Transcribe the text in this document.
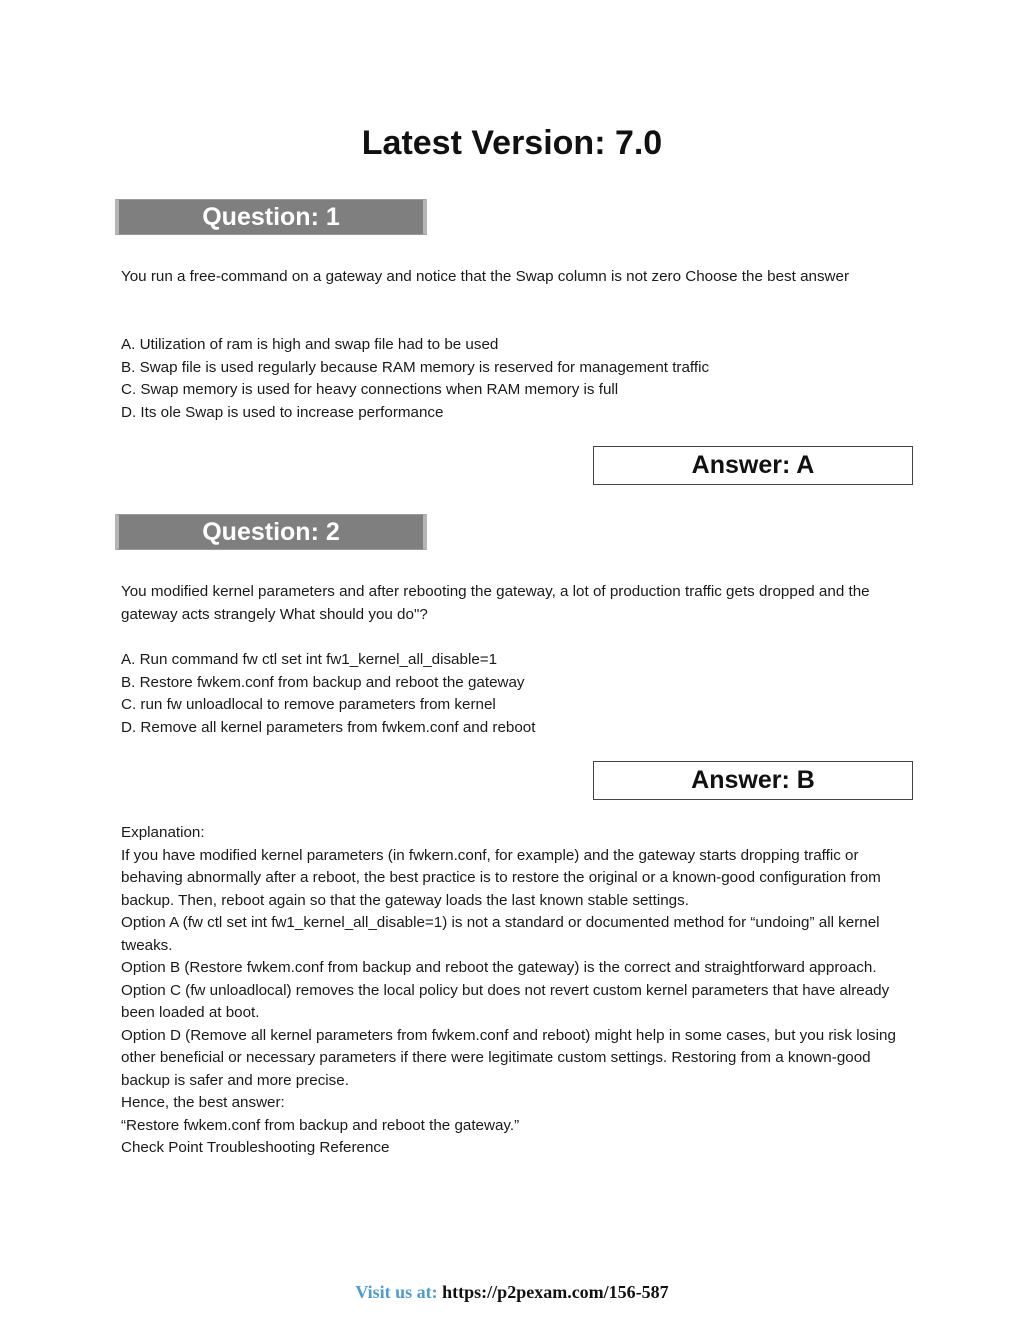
Latest Version: 7.0
Question: 1

You run a free-command on a gateway and notice that the Swap column is not zero Choose the best answer

A. Utilization of ram is high and swap file had to be used
B. Swap file is used regularly because RAM memory is reserved for management traffic
C. Swap memory is used for heavy connections when RAM memory is full
D. Its ole Swap is used to increase performance
Answer: A
Question: 2

You modified kernel parameters and after rebooting the gateway, a lot of production traffic gets dropped and the gateway acts strangely What should you do"?

A. Run command fw ctl set int fw1_kernel_all_disable=1
B. Restore fwkem.conf from backup and reboot the gateway
C. run fw unloadlocal to remove parameters from kernel
D. Remove all kernel parameters from fwkem.conf and reboot
Answer: B

Explanation:

If you have modified kernel parameters (in fwkern.conf, for example) and the gateway starts dropping traffic or behaving abnormally after a reboot, the best practice is to restore the original or a known-good configuration from backup. Then, reboot again so that the gateway loads the last known stable settings.

Option A (fw ctl set int fw1_kernel_all_disable=1) is not a standard or documented method for “undoing” all kernel tweaks.

Option B (Restore fwkem.conf from backup and reboot the gateway) is the correct and straightforward approach.

Option C (fw unloadlocal) removes the local policy but does not revert custom kernel parameters that have already been loaded at boot.

Option D (Remove all kernel parameters from fwkem.conf and reboot) might help in some cases, but you risk losing other beneficial or necessary parameters if there were legitimate custom settings. Restoring from a known-good backup is safer and more precise.

Hence, the best answer:

“Restore fwkem.conf from backup and reboot the gateway.”

Check Point Troubleshooting Reference

Visit us at: https://p2pexam.com/156-587
